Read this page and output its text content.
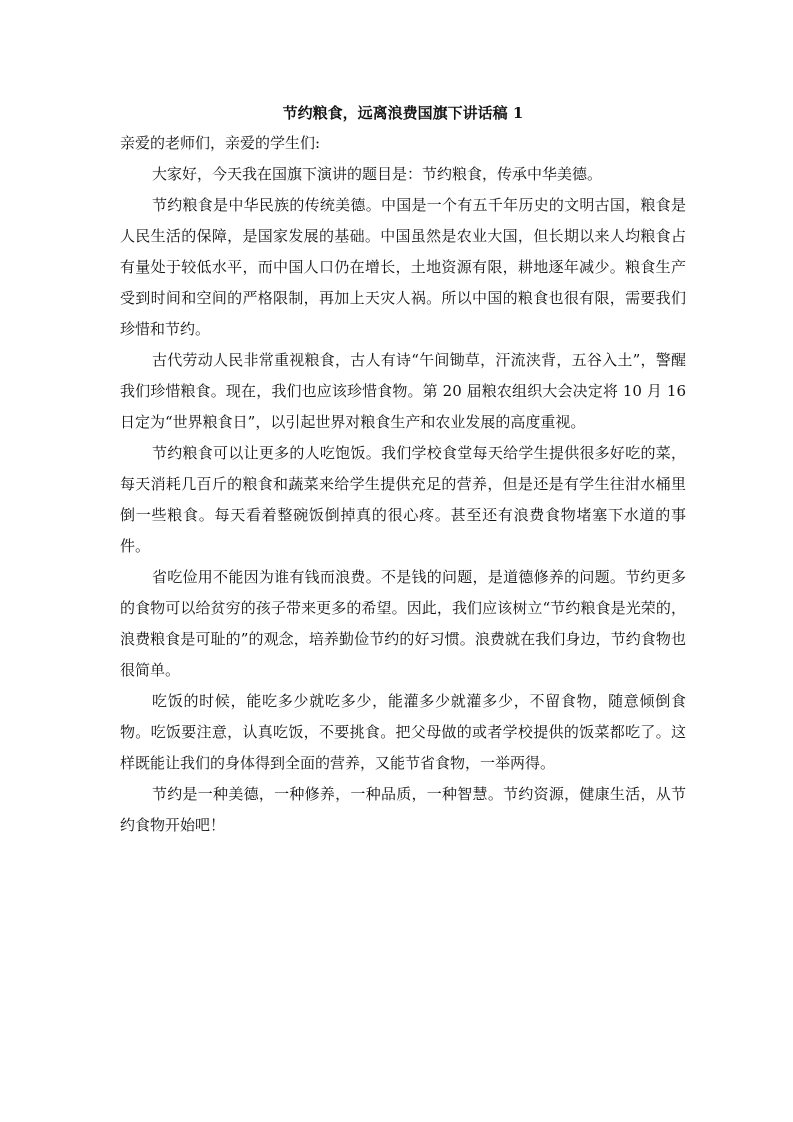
节约粮食，远离浪费国旗下讲话稿 1

亲爱的老师们，亲爱的学生们:

大家好，今天我在国旗下演讲的题目是：节约粮食，传承中华美德。

节约粮食是中华民族的传统美德。中国是一个有五千年历史的文明古国，粮食是人民生活的保障，是国家发展的基础。中国虽然是农业大国，但长期以来人均粮食占有量处于较低水平，而中国人口仍在增长，土地资源有限，耕地逐年减少。粮食生产受到时间和空间的严格限制，再加上天灾人祸。所以中国的粮食也很有限，需要我们珍惜和节约。

古代劳动人民非常重视粮食，古人有诗“午间锄草，汗流浃背，五谷入土”，警醒我们珍惜粮食。现在，我们也应该珍惜食物。第 20 届粮农组织大会决定将 10 月 16 日定为“世界粮食日”，以引起世界对粮食生产和农业发展的高度重视。

节约粮食可以让更多的人吃饱饭。我们学校食堂每天给学生提供很多好吃的菜，每天消耗几百斤的粮食和蔬菜来给学生提供充足的营养，但是还是有学生往泔水桶里倒一些粮食。每天看着整碗饭倒掉真的很心疼。甚至还有浪费食物堵塞下水道的事件。

省吃俭用不能因为谁有钱而浪费。不是钱的问题，是道德修养的问题。节约更多的食物可以给贫穷的孩子带来更多的希望。因此，我们应该树立“节约粮食是光荣的，浪费粮食是可耻的”的观念，培养勤俭节约的好习惯。浪费就在我们身边，节约食物也很简单。

吃饭的时候，能吃多少就吃多少，能灌多少就灌多少，不留食物，随意倾倒食物。吃饭要注意，认真吃饭，不要挑食。把父母做的或者学校提供的饭菜都吃了。这样既能让我们的身体得到全面的营养，又能节省食物，一举两得。

节约是一种美德，一种修养，一种品质，一种智慧。节约资源，健康生活，从节约食物开始吧！
